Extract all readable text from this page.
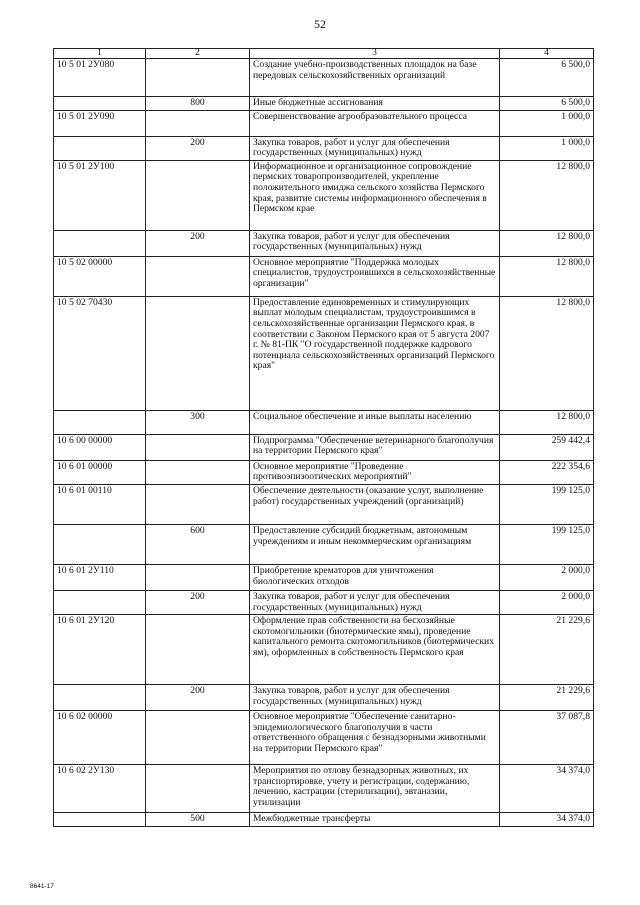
52
1	2	3	4
10 5 01 2У080		Создание учебно-производственных площадок на базе передовых сельскохозяйственных организаций	6 500,0
	800	Иные бюджетные ассигнования	6 500,0
10 5 01 2У090		Совершенствование агрообразовательного процесса	1 000,0
	200	Закупка товаров, работ и услуг для обеспечения государственных (муниципальных) нужд	1 000,0
10 5 01 2У100		Информационное и организационное сопровождение пермских товаропроизводителей, укрепление положительного имиджа сельского хозяйства Пермского края, развитие системы информационного обеспечения в Пермском крае	12 800,0
	200	Закупка товаров, работ и услуг для обеспечения государственных (муниципальных) нужд	12 800,0
10 5 02 00000		Основное мероприятие "Поддержка молодых специалистов, трудоустроившихся в сельскохозяйственные организации"	12 800,0
10 5 02 70430		Предоставление единовременных и стимулирующих выплат молодым специалистам, трудоустроившимся в сельскохозяйственные организации Пермского края, в соответствии с Законом Пермского края от 5 августа 2007 г. № 81-ПК "О государственной поддержке кадрового потенциала сельскохозяйственных организаций Пермского края"	12 800,0
	300	Социальное обеспечение и иные выплаты населению	12 800,0
10 6 00 00000		Подпрограмма "Обеспечение ветеринарного благополучия на территории Пермского края"	259 442,4
10 6 01 00000		Основное мероприятие "Проведение противоэпизоотических мероприятий"	222 354,6
10 6 01 00110		Обеспечение деятельности (оказание услуг, выполнение работ) государственных учреждений (организаций)	199 125,0
	600	Предоставление субсидий бюджетным, автономным учреждениям и иным некоммерческим организациям	199 125,0
10 6 01 2У110		Приобретение крематоров для уничтожения биологических отходов	2 000,0
	200	Закупка товаров, работ и услуг для обеспечения государственных (муниципальных) нужд	2 000,0
10 6 01 2У120		Оформление прав собственности на бесхозяйные скотомогильники (биотермические ямы), проведение капитального ремонта скотомогильников (биотермических ям), оформленных в собственность Пермского края	21 229,6
	200	Закупка товаров, работ и услуг для обеспечения государственных (муниципальных) нужд	21 229,6
10 6 02 00000		Основное мероприятие "Обеспечение санитарно-эпидемиологического благополучия в части ответственного обращения с безнадзорными животными на территории Пермского края"	37 087,8
10 6 02 2У130		Мероприятия по отлову безнадзорных животных, их транспортировке, учету и регистрации, содержанию, лечению, кастрации (стерилизации), эвтаназии, утилизации	34 374,0
	500	Межбюджетные трансферты	34 374,0
8641-17
